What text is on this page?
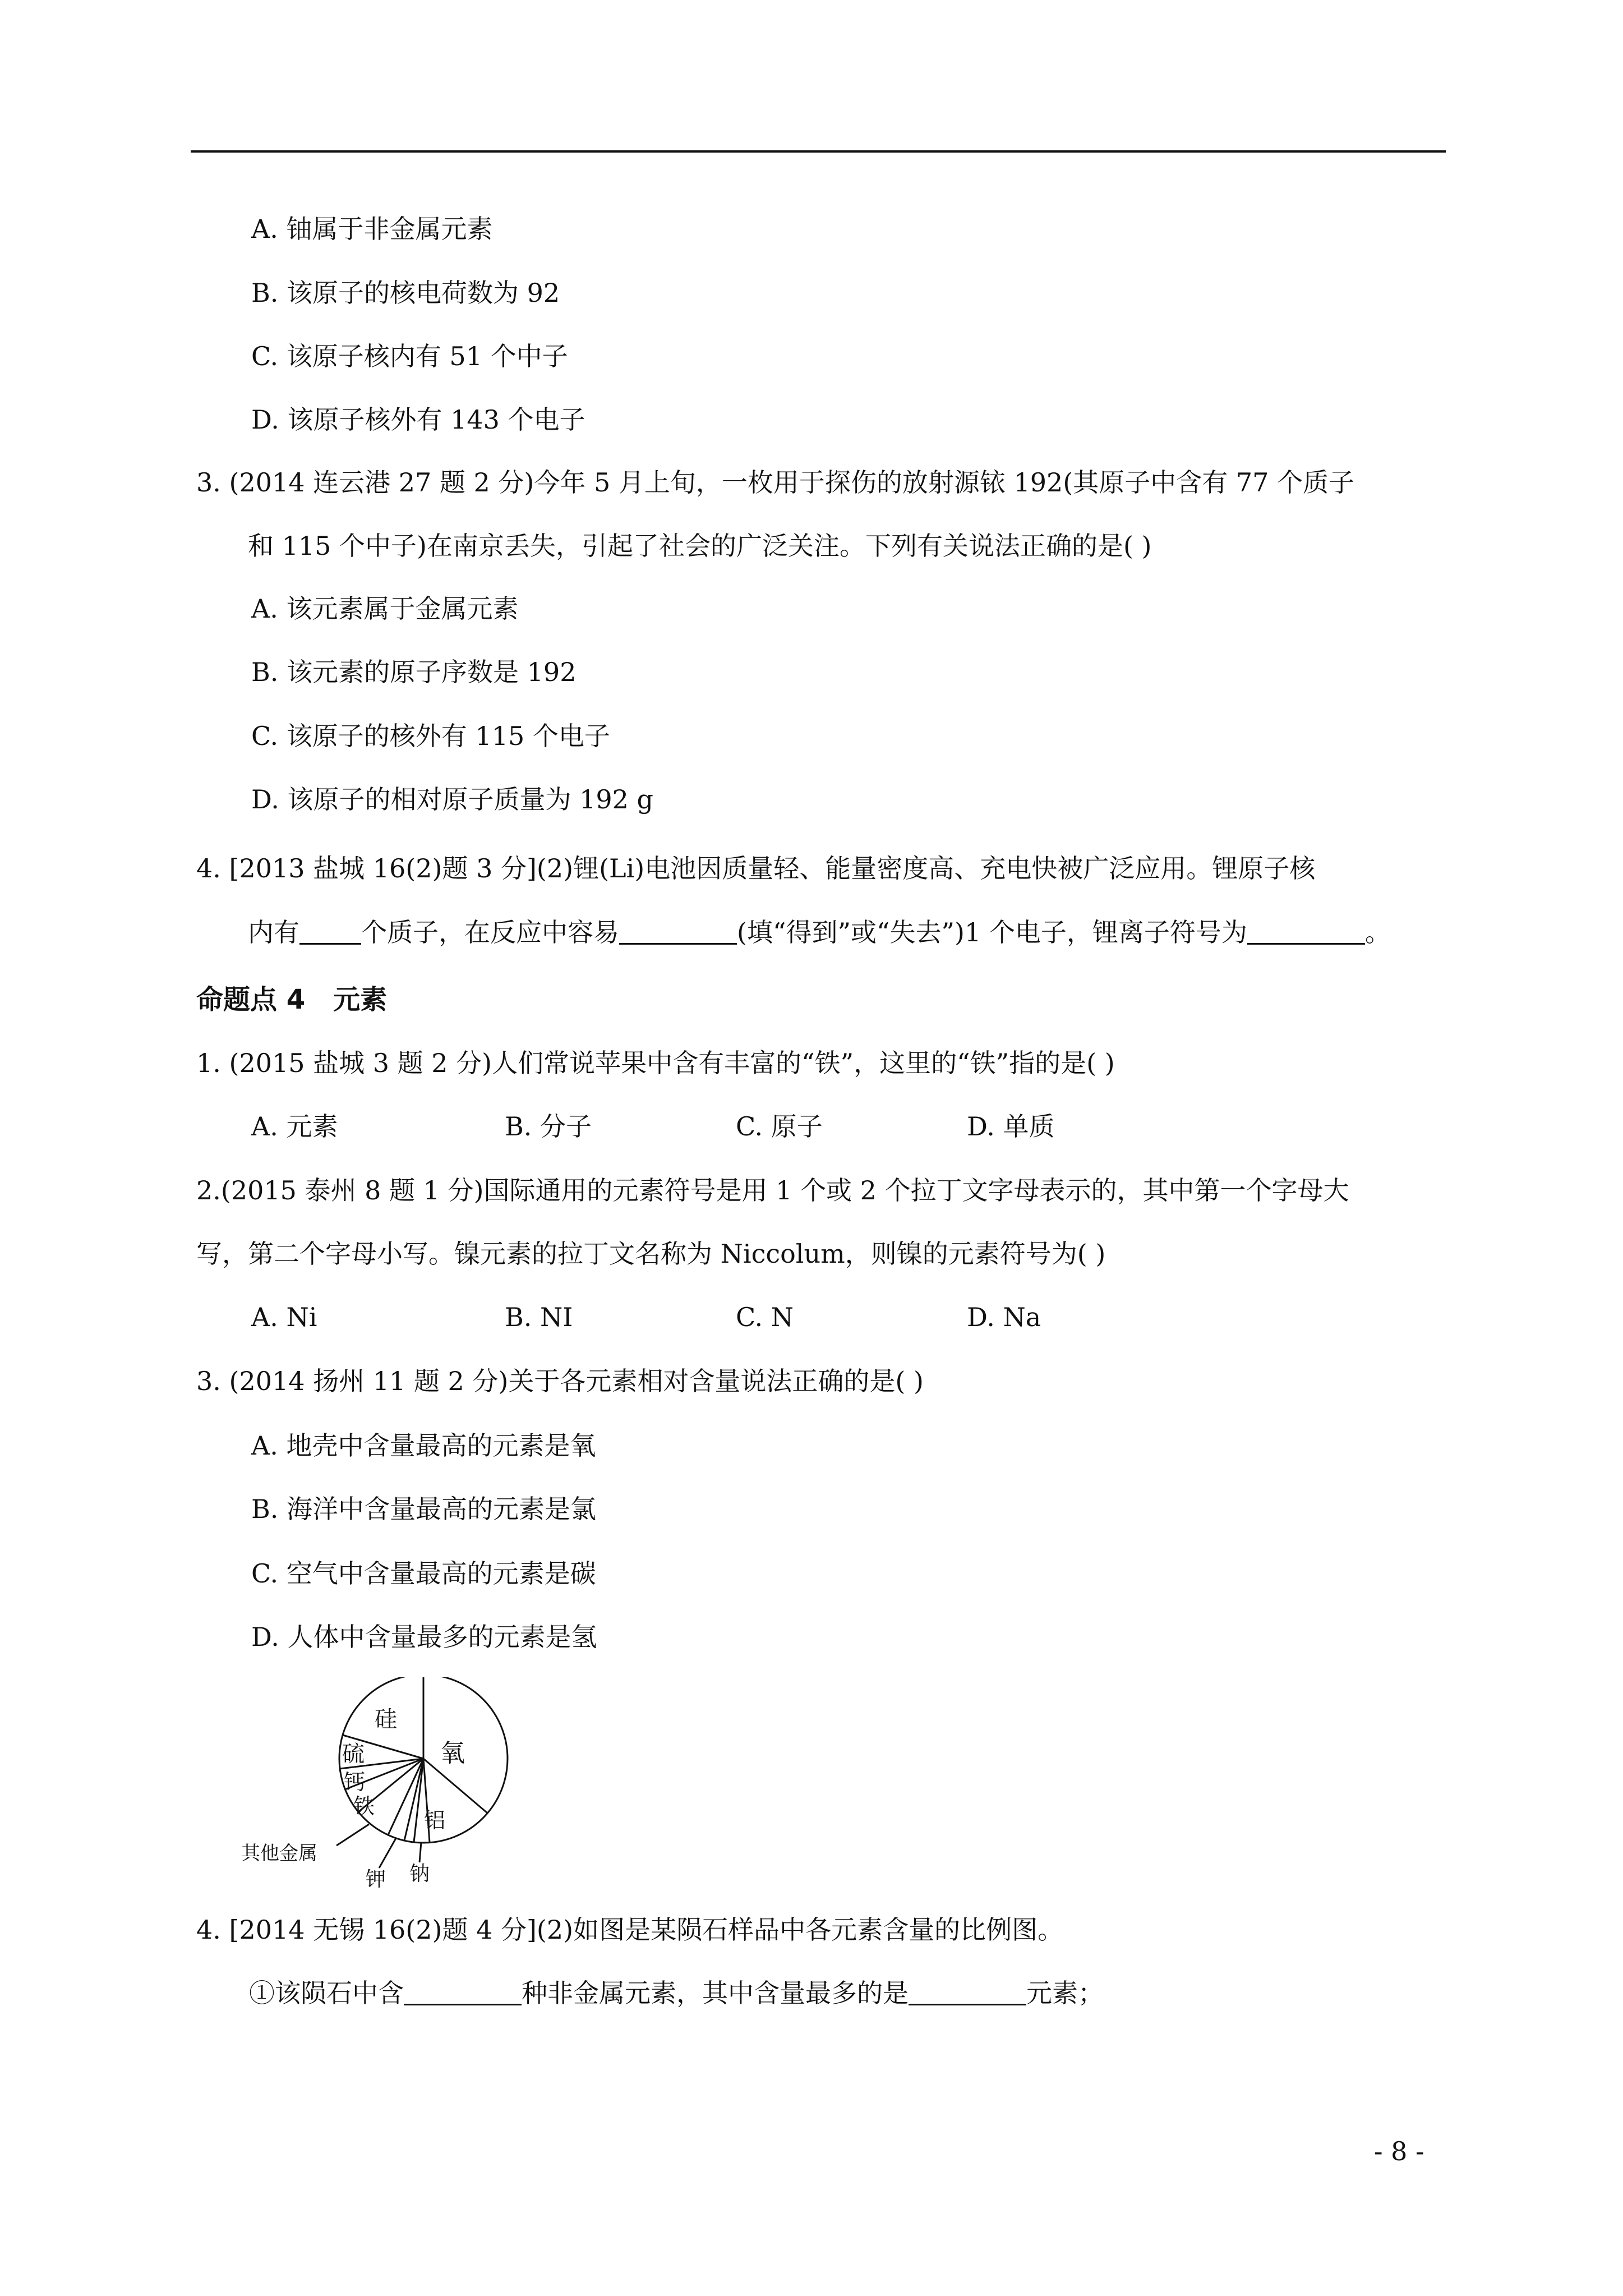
A. 铀属于非金属元素
B. 该原子的核电荷数为 92
C. 该原子核内有 51 个中子
D. 该原子核外有 143 个电子
3. (2014 连云港 27 题 2 分)今年 5 月上旬，一枚用于探伤的放射源铱 192(其原子中含有 77 个质子
和 115 个中子)在南京丢失，引起了社会的广泛关注。下列有关说法正确的是( )
A. 该元素属于金属元素
B. 该元素的原子序数是 192
C. 该原子的核外有 115 个电子
D. 该原子的相对原子质量为 192 g
4. [2013 盐城 16(2)题 3 分](2)锂(Li)电池因质量轻、能量密度高、充电快被广泛应用。锂原子核
内有 个质子，在反应中容易	(填“得到”或“失去”)1 个电子，锂离子符号为	。
命题点 4 元素
1. (2015 盐城 3 题 2 分)人们常说苹果中含有丰富的“铁”，这里的“铁”指的是( )
A. 元素	B. 分子	C. 原子	D. 单质
2.(2015 泰州 8 题 1 分)国际通用的元素符号是用 1 个或 2 个拉丁文字母表示的，其中第一个字母大
写，第二个字母小写。镍元素的拉丁文名称为 Niccolum，则镍的元素符号为( )
A. Ni	B. NI	C. N	D. Na
3. (2014 扬州 11 题 2 分)关于各元素相对含量说法正确的是( )
A. 地壳中含量最高的元素是氧
B. 海洋中含量最高的元素是氯
C. 空气中含量最高的元素是碳
D. 人体中含量最多的元素是氢
硅
硫
钙
铁
氧
铝
其他金属
钾 钠
4. [2014 无锡 16(2)题 4 分](2)如图是某陨石样品中各元素含量的比例图。
①该陨石中含	种非金属元素，其中含量最多的是	元素；
- 8 -
